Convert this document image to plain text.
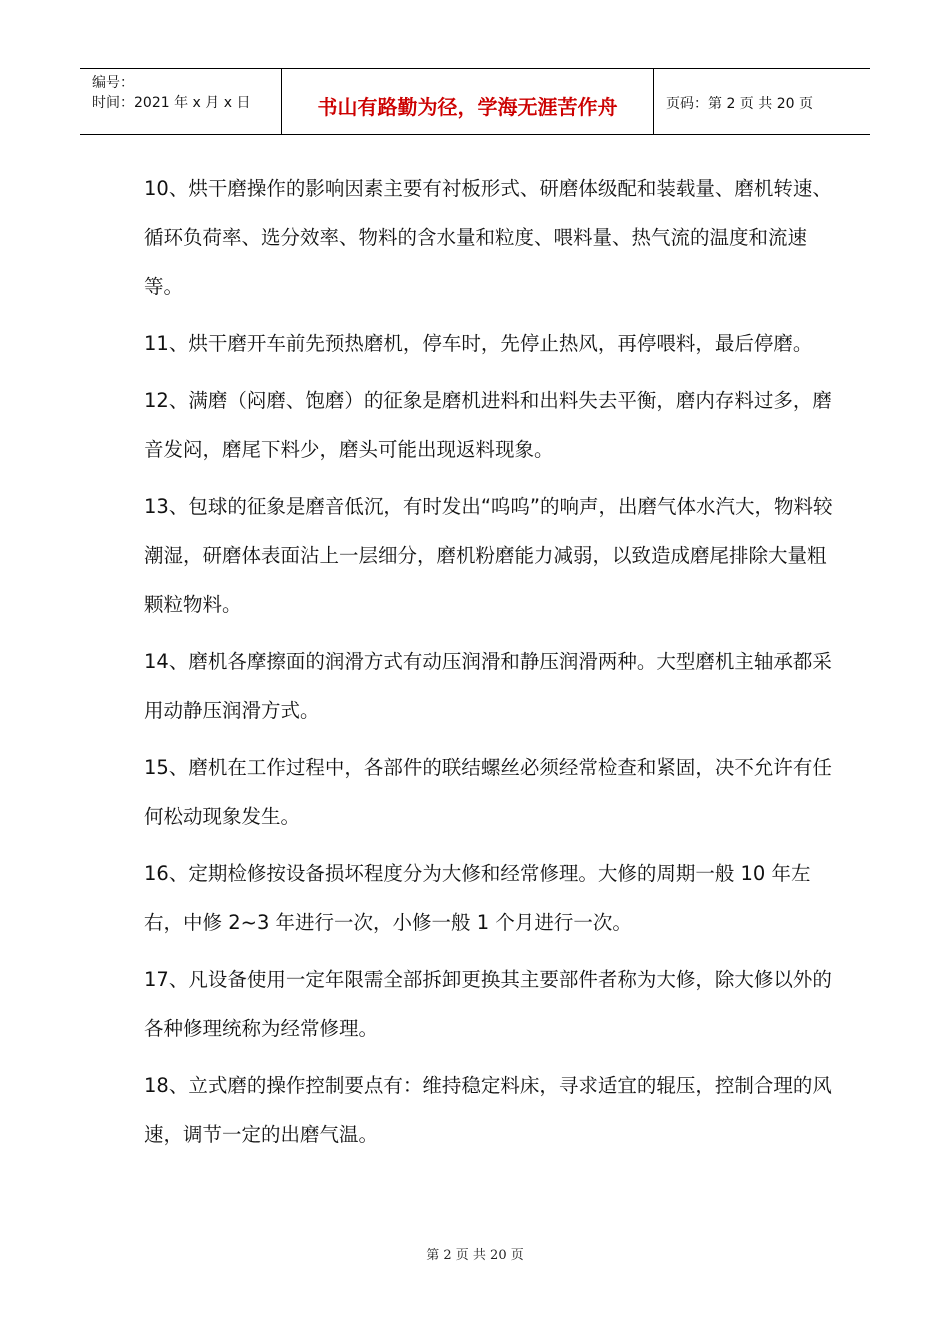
编号：
时间：2021 年 x 月 x 日	书山有路勤为径，学海无涯苦作舟	页码：第 2 页 共 20 页

10、烘干磨操作的影响因素主要有衬板形式、研磨体级配和装载量、磨机转速、循环负荷率、选分效率、物料的含水量和粒度、喂料量、热气流的温度和流速等。

11、烘干磨开车前先预热磨机，停车时，先停止热风，再停喂料，最后停磨。

12、满磨（闷磨、饱磨）的征象是磨机进料和出料失去平衡，磨内存料过多，磨音发闷，磨尾下料少，磨头可能出现返料现象。

13、包球的征象是磨音低沉，有时发出“呜呜”的响声，出磨气体水汽大，物料较潮湿，研磨体表面沾上一层细分，磨机粉磨能力减弱，以致造成磨尾排除大量粗颗粒物料。

14、磨机各摩擦面的润滑方式有动压润滑和静压润滑两种。大型磨机主轴承都采用动静压润滑方式。

15、磨机在工作过程中，各部件的联结螺丝必须经常检查和紧固，决不允许有任何松动现象发生。

16、定期检修按设备损坏程度分为大修和经常修理。大修的周期一般 10 年左右，中修 2~3 年进行一次，小修一般 1 个月进行一次。

17、凡设备使用一定年限需全部拆卸更换其主要部件者称为大修，除大修以外的各种修理统称为经常修理。

18、立式磨的操作控制要点有：维持稳定料床，寻求适宜的辊压，控制合理的风速，调节一定的出磨气温。

第 2 页 共 20 页
